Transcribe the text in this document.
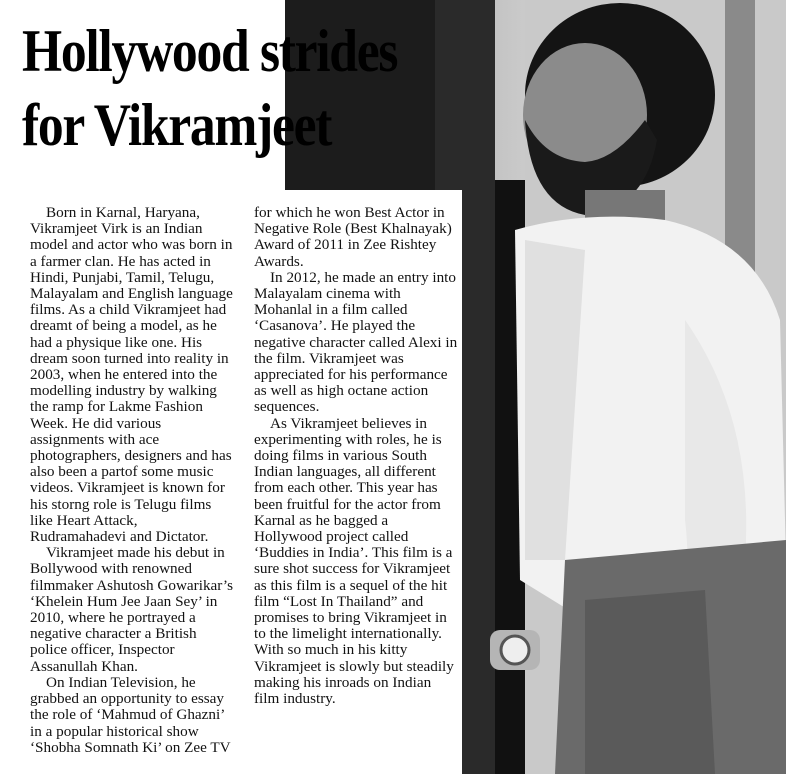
Hollywood strides
for Vikramjeet

Born in Karnal, Haryana, Vikramjeet Virk is an Indian model and actor who was born in a farmer clan. He has acted in Hindi, Punjabi, Tamil, Telugu, Malayalam and English language films. As a child Vikramjeet had dreamt of being a model, as he had a physique like one. His dream soon turned into reality in 2003, when he entered into the modelling industry by walking the ramp for Lakme Fashion Week. He did various assignments with ace photographers, designers and has also been a partof some music videos. Vikramjeet is known for his storng role is Telugu films like Heart Attack, Rudramahadevi and Dictator.

Vikramjeet made his debut in Bollywood with renowned filmmaker Ashutosh Gowarikar’s ‘Khelein Hum Jee Jaan Sey’ in 2010, where he portrayed a negative character a British police officer, Inspector Assanullah Khan.

On Indian Television, he grabbed an opportunity to essay the role of ‘Mahmud of Ghazni’ in a popular historical show ‘Shobha Somnath Ki’ on Zee TV for which he won Best Actor in Negative Role (Best Khalnayak) Award of 2011 in Zee Rishtey Awards.

In 2012, he made an entry into Malayalam cinema with Mohanlal in a film called ‘Casanova’. He played the negative character called Alexi in the film. Vikramjeet was appreciated for his performance as well as high octane action sequences.

As Vikramjeet believes in experimenting with roles, he is doing films in various South Indian languages, all different from each other. This year has been fruitful for the actor from Karnal as he bagged a Hollywood project called ‘Buddies in India’. This film is a sure shot success for Vikramjeet as this film is a sequel of the hit film “Lost In Thailand” and promises to bring Vikramjeet in to the limelight internationally. With so much in his kitty Vikramjeet is slowly but steadily making his inroads on Indian film industry.
